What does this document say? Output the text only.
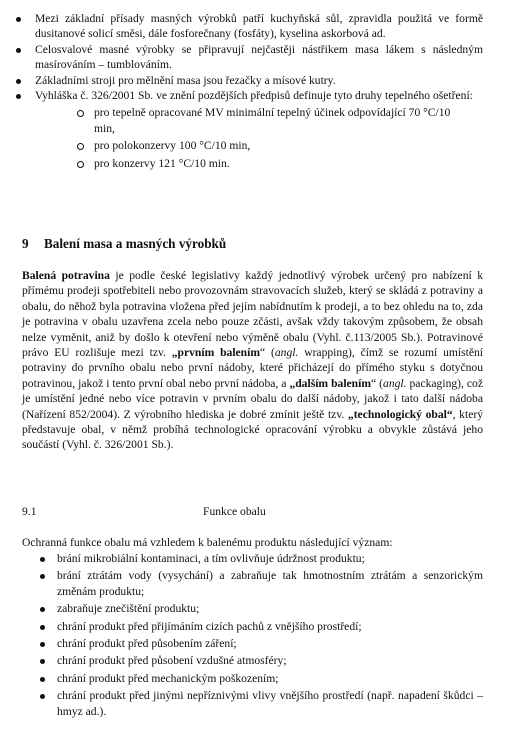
Mezi základní přísady masných výrobků patří kuchyňská sůl, zpravidla použitá ve formě dusitanové solicí směsi, dále fosforečnany (fosfáty), kyselina askorbová ad.
Celosvalové masné výrobky se připravují nejčastěji nástřikem masa lákem s následným masírováním – tumblováním.
Základními stroji pro mělnění masa jsou řezačky a mísové kutry.
Vyhláška č. 326/2001 Sb. ve znění pozdějších předpisů definuje tyto druhy tepelného ošetření:
pro tepelně opracované MV minimální tepelný účinek odpovídající 70 °C/10 min,
pro polokonzervy 100 °C/10 min,
pro konzervy 121 °C/10 min.
9 Balení masa a masných výrobků
Balená potravina je podle české legislativy každý jednotlivý výrobek určený pro nabízení k přímému prodeji spotřebiteli nebo provozovnám stravovacích služeb, který se skládá z potraviny a obalu, do něhož byla potravina vložena před jejím nabídnutím k prodeji, a to bez ohledu na to, zda je potravina v obalu uzavřena zcela nebo pouze zčásti, avšak vždy takovým způsobem, že obsah nelze vyměnit, aniž by došlo k otevření nebo výměně obalu (Vyhl. č.113/2005 Sb.). Potravinové právo EU rozlišuje mezi tzv. „prvním balením“ (angl. wrapping), čímž se rozumí umístění potraviny do prvního obalu nebo první nádoby, které přicházejí do přímého styku s dotyčnou potravinou, jakož i tento první obal nebo první nádoba, a „dalším balením“ (angl. packaging), což je umístění jedné nebo více potravin v prvním obalu do další nádoby, jakož i tato další nádoba (Nařízení 852/2004). Z výrobního hlediska je dobré zmínit ještě tzv. „technologický obal“, který představuje obal, v němž probíhá technologické opracování výrobku a obvykle zůstává jeho součástí (Vyhl. č. 326/2001 Sb.).
9.1	Funkce obalu
Ochranná funkce obalu má vzhledem k balenému produktu následující význam:
brání mikrobiální kontaminaci, a tím ovlivňuje údržnost produktu;
brání ztrátám vody (vysychání) a zabraňuje tak hmotnostním ztrátám a senzorickým změnám produktu;
zabraňuje znečištění produktu;
chrání produkt před přijímáním cizích pachů z vnějšího prostředí;
chrání produkt před působením záření;
chrání produkt před působení vzdušné atmosféry;
chrání produkt před mechanickým poškozením;
chrání produkt před jinými nepříznivými vlivy vnějšího prostředí (např. napadení škůdci – hmyz ad.).
